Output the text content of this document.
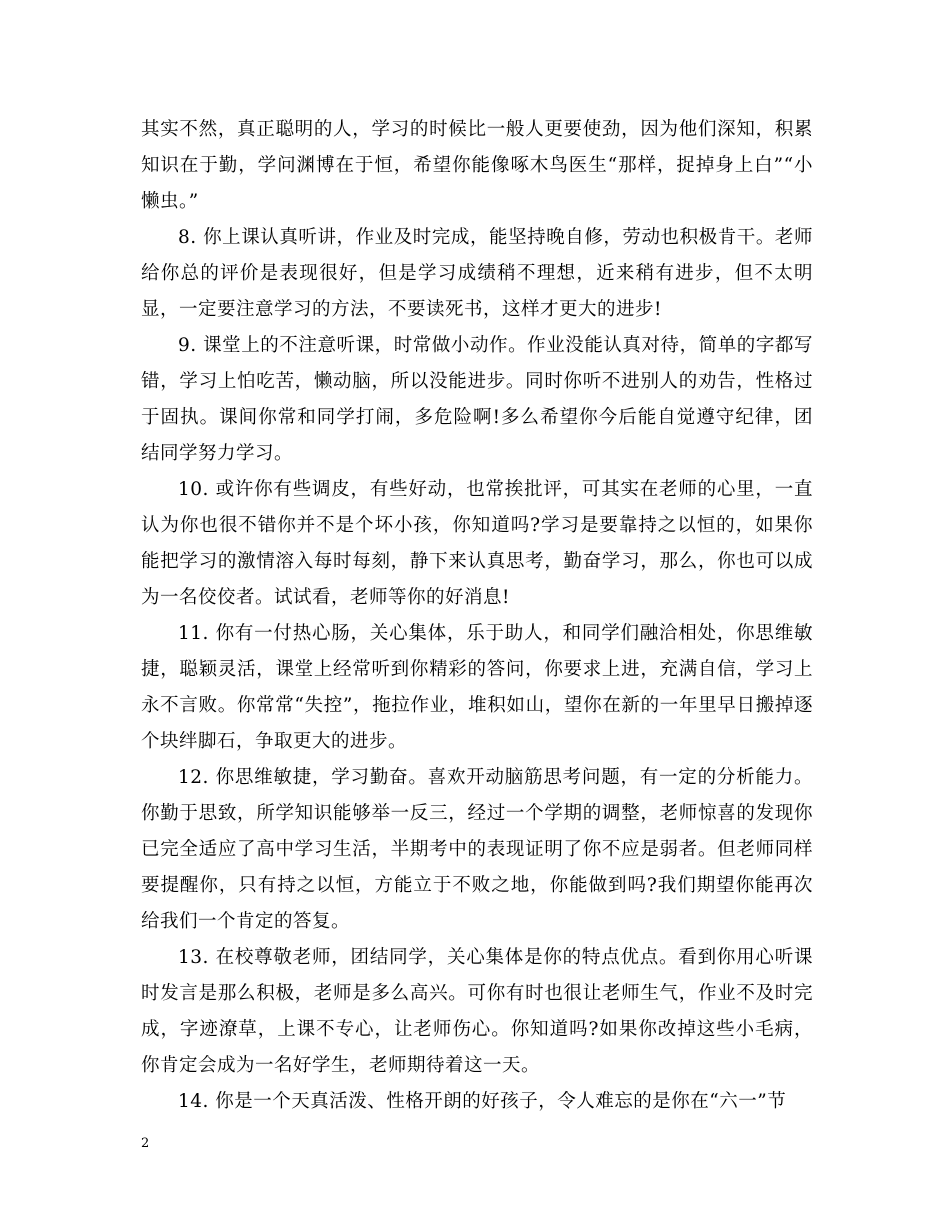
其实不然，真正聪明的人，学习的时候比一般人更要使劲，因为他们深知，积累知识在于勤，学问渊博在于恒，希望你能像啄木鸟医生“那样，捉掉身上白”“小懒虫。”

8. 你上课认真听讲，作业及时完成，能坚持晚自修，劳动也积极肯干。老师给你总的评价是表现很好，但是学习成绩稍不理想，近来稍有进步，但不太明显，一定要注意学习的方法，不要读死书，这样才更大的进步!

9. 课堂上的不注意听课，时常做小动作。作业没能认真对待，简单的字都写错，学习上怕吃苦，懒动脑，所以没能进步。同时你听不进别人的劝告，性格过于固执。课间你常和同学打闹，多危险啊!多么希望你今后能自觉遵守纪律，团结同学努力学习。

10. 或许你有些调皮，有些好动，也常挨批评，可其实在老师的心里，一直认为你也很不错你并不是个坏小孩，你知道吗?学习是要靠持之以恒的，如果你能把学习的激情溶入每时每刻，静下来认真思考，勤奋学习，那么，你也可以成为一名佼佼者。试试看，老师等你的好消息!

11. 你有一付热心肠，关心集体，乐于助人，和同学们融洽相处，你思维敏捷，聪颖灵活，课堂上经常听到你精彩的答问，你要求上进，充满自信，学习上永不言败。你常常“失控”，拖拉作业，堆积如山，望你在新的一年里早日搬掉逐个块绊脚石，争取更大的进步。

12. 你思维敏捷，学习勤奋。喜欢开动脑筋思考问题，有一定的分析能力。你勤于思致，所学知识能够举一反三，经过一个学期的调整，老师惊喜的发现你已完全适应了高中学习生活，半期考中的表现证明了你不应是弱者。但老师同样要提醒你，只有持之以恒，方能立于不败之地，你能做到吗?我们期望你能再次给我们一个肯定的答复。

13. 在校尊敬老师，团结同学，关心集体是你的特点优点。看到你用心听课时发言是那么积极，老师是多么高兴。可你有时也很让老师生气，作业不及时完成，字迹潦草，上课不专心，让老师伤心。你知道吗?如果你改掉这些小毛病，你肯定会成为一名好学生，老师期待着这一天。

14. 你是一个天真活泼、性格开朗的好孩子，令人难忘的是你在“六一”节

2
